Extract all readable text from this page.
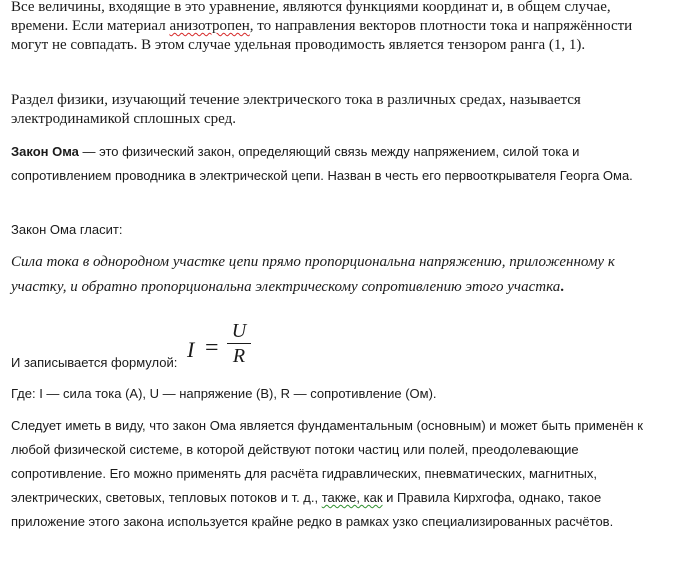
Все величины, входящие в это уравнение, являются функциями координат и, в общем случае, времени. Если материал анизотропен, то направления векторов плотности тока и напряжённости могут не совпадать. В этом случае удельная проводимость является тензором ранга (1, 1).

Раздел физики, изучающий течение электрического тока в различных средах, называется электродинамикой сплошных сред.

Закон Ома — это физический закон, определяющий связь между напряжением, силой тока и сопротивлением проводника в электрической цепи. Назван в честь его первооткрывателя Георга Ома.

Закон Ома гласит:

Сила тока в однородном участке цепи прямо пропорциональна напряжению, приложенному к участку, и обратно пропорциональна электрическому сопротивлению этого участка.

И записывается формулой:

I =
U
R

Где: I — сила тока (А), U — напряжение (В), R — сопротивление (Ом).

Следует иметь в виду, что закон Ома является фундаментальным (основным) и может быть применён к любой физической системе, в которой действуют потоки частиц или полей, преодолевающие сопротивление. Его можно применять для расчёта гидравлических, пневматических, магнитных, электрических, световых, тепловых потоков и т. д., также, как и Правила Кирхгофа, однако, такое приложение этого закона используется крайне редко в рамках узко специализированных расчётов.
